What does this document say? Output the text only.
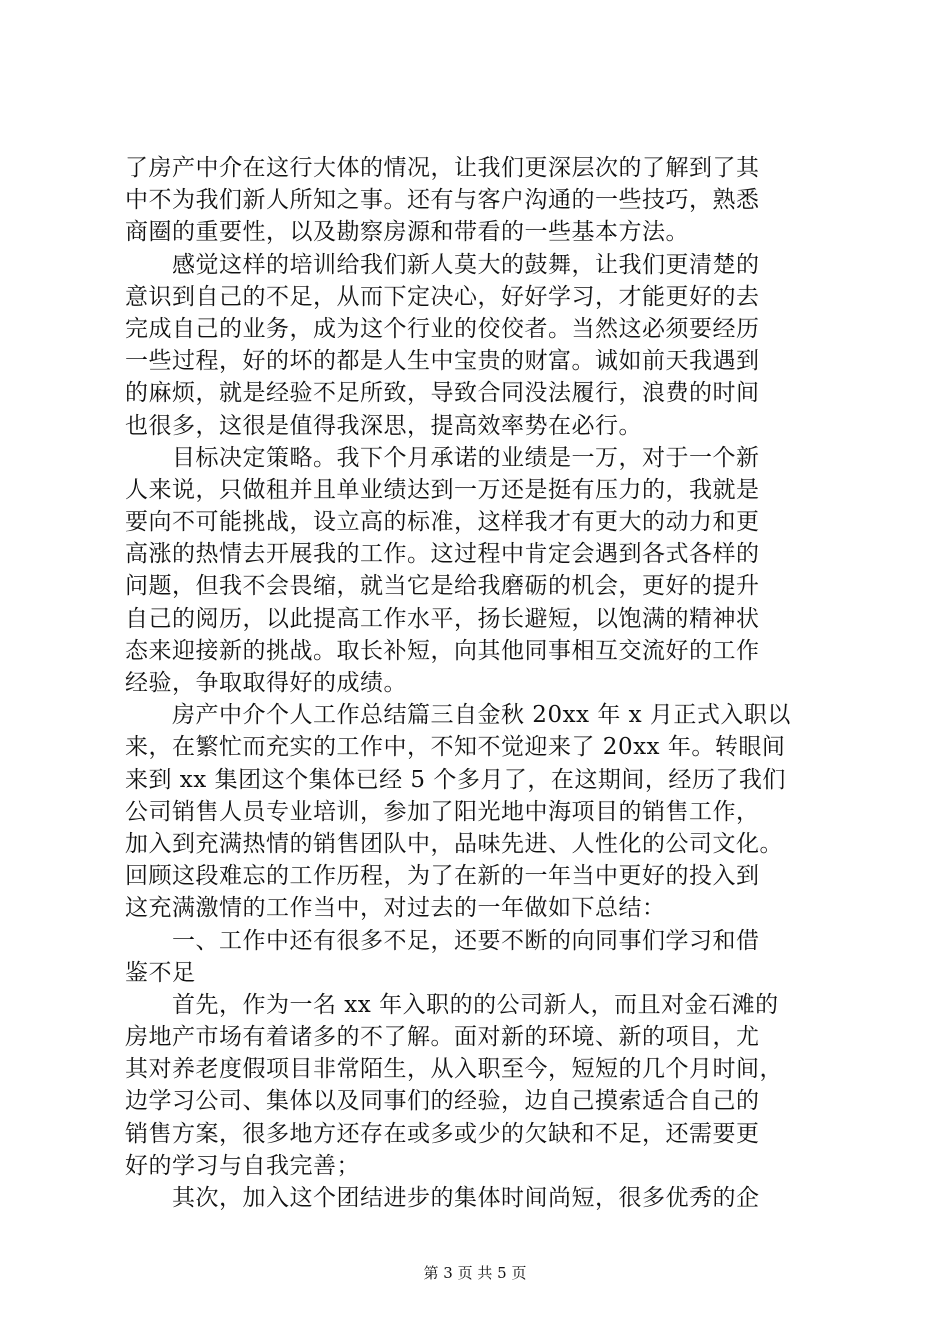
了房产中介在这行大体的情况，让我们更深层次的了解到了其
中不为我们新人所知之事。还有与客户沟通的一些技巧，熟悉
商圈的重要性，以及勘察房源和带看的一些基本方法。
　　感觉这样的培训给我们新人莫大的鼓舞，让我们更清楚的
意识到自己的不足，从而下定决心，好好学习，才能更好的去
完成自己的业务，成为这个行业的佼佼者。当然这必须要经历
一些过程，好的坏的都是人生中宝贵的财富。诚如前天我遇到
的麻烦，就是经验不足所致，导致合同没法履行，浪费的时间
也很多，这很是值得我深思，提高效率势在必行。
　　目标决定策略。我下个月承诺的业绩是一万，对于一个新
人来说，只做租并且单业绩达到一万还是挺有压力的，我就是
要向不可能挑战，设立高的标准，这样我才有更大的动力和更
高涨的热情去开展我的工作。这过程中肯定会遇到各式各样的
问题，但我不会畏缩，就当它是给我磨砺的机会，更好的提升
自己的阅历，以此提高工作水平，扬长避短，以饱满的精神状
态来迎接新的挑战。取长补短，向其他同事相互交流好的工作
经验，争取取得好的成绩。
　　房产中介个人工作总结篇三自金秋 20xx 年 x 月正式入职以
来，在繁忙而充实的工作中，不知不觉迎来了 20xx 年。转眼间
来到 xx 集团这个集体已经 5 个多月了，在这期间，经历了我们
公司销售人员专业培训，参加了阳光地中海项目的销售工作，
加入到充满热情的销售团队中，品味先进、人性化的公司文化。
回顾这段难忘的工作历程，为了在新的一年当中更好的投入到
这充满激情的工作当中，对过去的一年做如下总结：
　　一、工作中还有很多不足，还要不断的向同事们学习和借
鉴不足
　　首先，作为一名 xx 年入职的的公司新人，而且对金石滩的
房地产市场有着诸多的不了解。面对新的环境、新的项目，尤
其对养老度假项目非常陌生，从入职至今，短短的几个月时间，
边学习公司、集体以及同事们的经验，边自己摸索适合自己的
销售方案，很多地方还存在或多或少的欠缺和不足，还需要更
好的学习与自我完善；
　　其次，加入这个团结进步的集体时间尚短，很多优秀的企
第 3 页 共 5 页
